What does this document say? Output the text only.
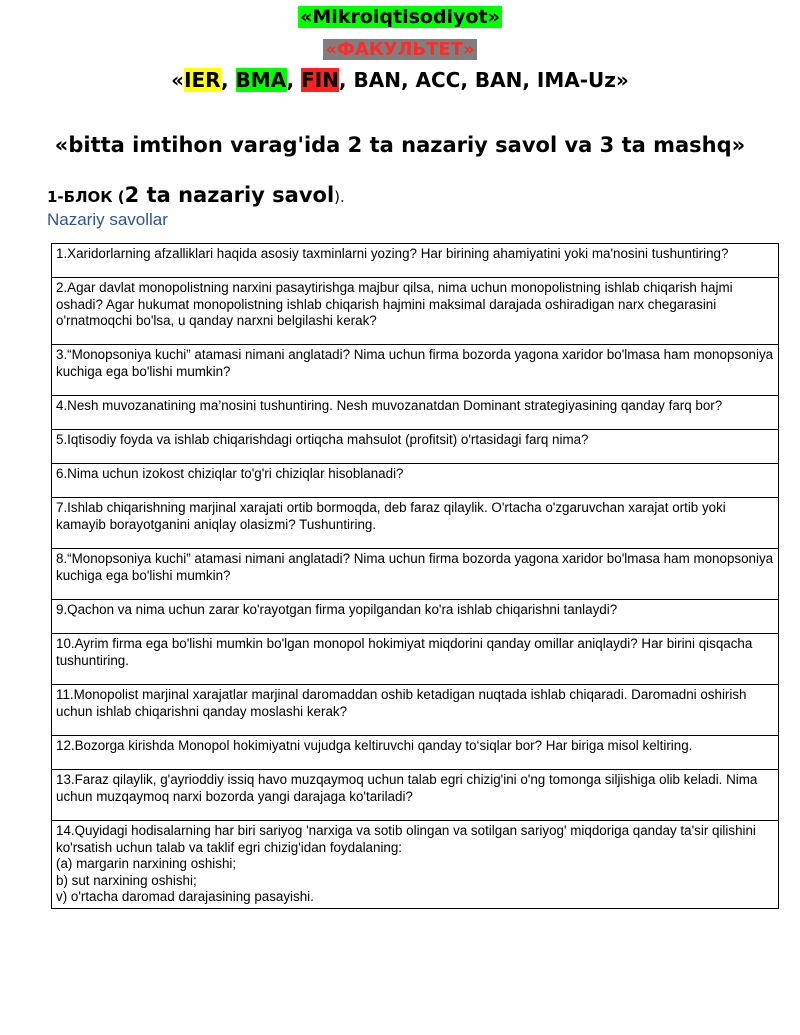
«Mikroiqtisodiyot»
«ФАКУЛЬТЕТ»
«IER, BMA, FIN, BAN, ACC, BAN, IMA-Uz»
«bitta imtihon varag'ida 2 ta nazariy savol va 3 ta mashq»
1-БЛОК (2 ta nazariy savol).
Nazariy savollar
1.Xaridorlarning afzalliklari haqida asosiy taxminlarni yozing? Har birining ahamiyatini yoki ma'nosini tushuntiring?
2.Agar davlat monopolistning narxini pasaytirishga majbur qilsa, nima uchun monopolistning ishlab chiqarish hajmi oshadi? Agar hukumat monopolistning ishlab chiqarish hajmini maksimal darajada oshiradigan narx chegarasini o'rnatmoqchi bo'lsa, u qanday narxni belgilashi kerak?
3.“Monopsoniya kuchi” atamasi nimani anglatadi? Nima uchun firma bozorda yagona xaridor bo'lmasa ham monopsoniya kuchiga ega bo'lishi mumkin?
4.Nesh muvozanatining ma’nosini tushuntiring. Nesh muvozanatdan Dominant strategiyasining qanday farq bor?
5.Iqtisodiy foyda va ishlab chiqarishdagi ortiqcha mahsulot (profitsit) o'rtasidagi farq nima?
6.Nima uchun izokost chiziqlar to'g'ri chiziqlar hisoblanadi?
7.Ishlab chiqarishning marjinal xarajati ortib bormoqda, deb faraz qilaylik. O'rtacha o'zgaruvchan xarajat ortib yoki kamayib borayotganini aniqlay olasizmi? Tushuntiring.
8.“Monopsoniya kuchi” atamasi nimani anglatadi? Nima uchun firma bozorda yagona xaridor bo'lmasa ham monopsoniya kuchiga ega bo'lishi mumkin?
9.Qachon va nima uchun zarar ko'rayotgan firma yopilgandan ko'ra ishlab chiqarishni tanlaydi?
10.Ayrim firma ega bo'lishi mumkin bo'lgan monopol hokimiyat miqdorini qanday omillar aniqlaydi? Har birini qisqacha tushuntiring.
11.Monopolist marjinal xarajatlar marjinal daromaddan oshib ketadigan nuqtada ishlab chiqaradi. Daromadni oshirish uchun ishlab chiqarishni qanday moslashi kerak?
12.Bozorga kirishda Monopol hokimiyatni vujudga keltiruvchi qanday to‘siqlar bor? Har biriga misol keltiring.
13.Faraz qilaylik, g'ayrioddiy issiq havo muzqaymoq uchun talab egri chizig'ini o'ng tomonga siljishiga olib keladi. Nima uchun muzqaymoq narxi bozorda yangi darajaga ko'tariladi?
14.Quyidagi hodisalarning har biri sariyog 'narxiga va sotib olingan va sotilgan sariyog' miqdoriga qanday ta'sir qilishini ko'rsatish uchun talab va taklif egri chizig'idan foydalaning:
(a) margarin narxining oshishi;
b) sut narxining oshishi;
v) o'rtacha daromad darajasining pasayishi.
